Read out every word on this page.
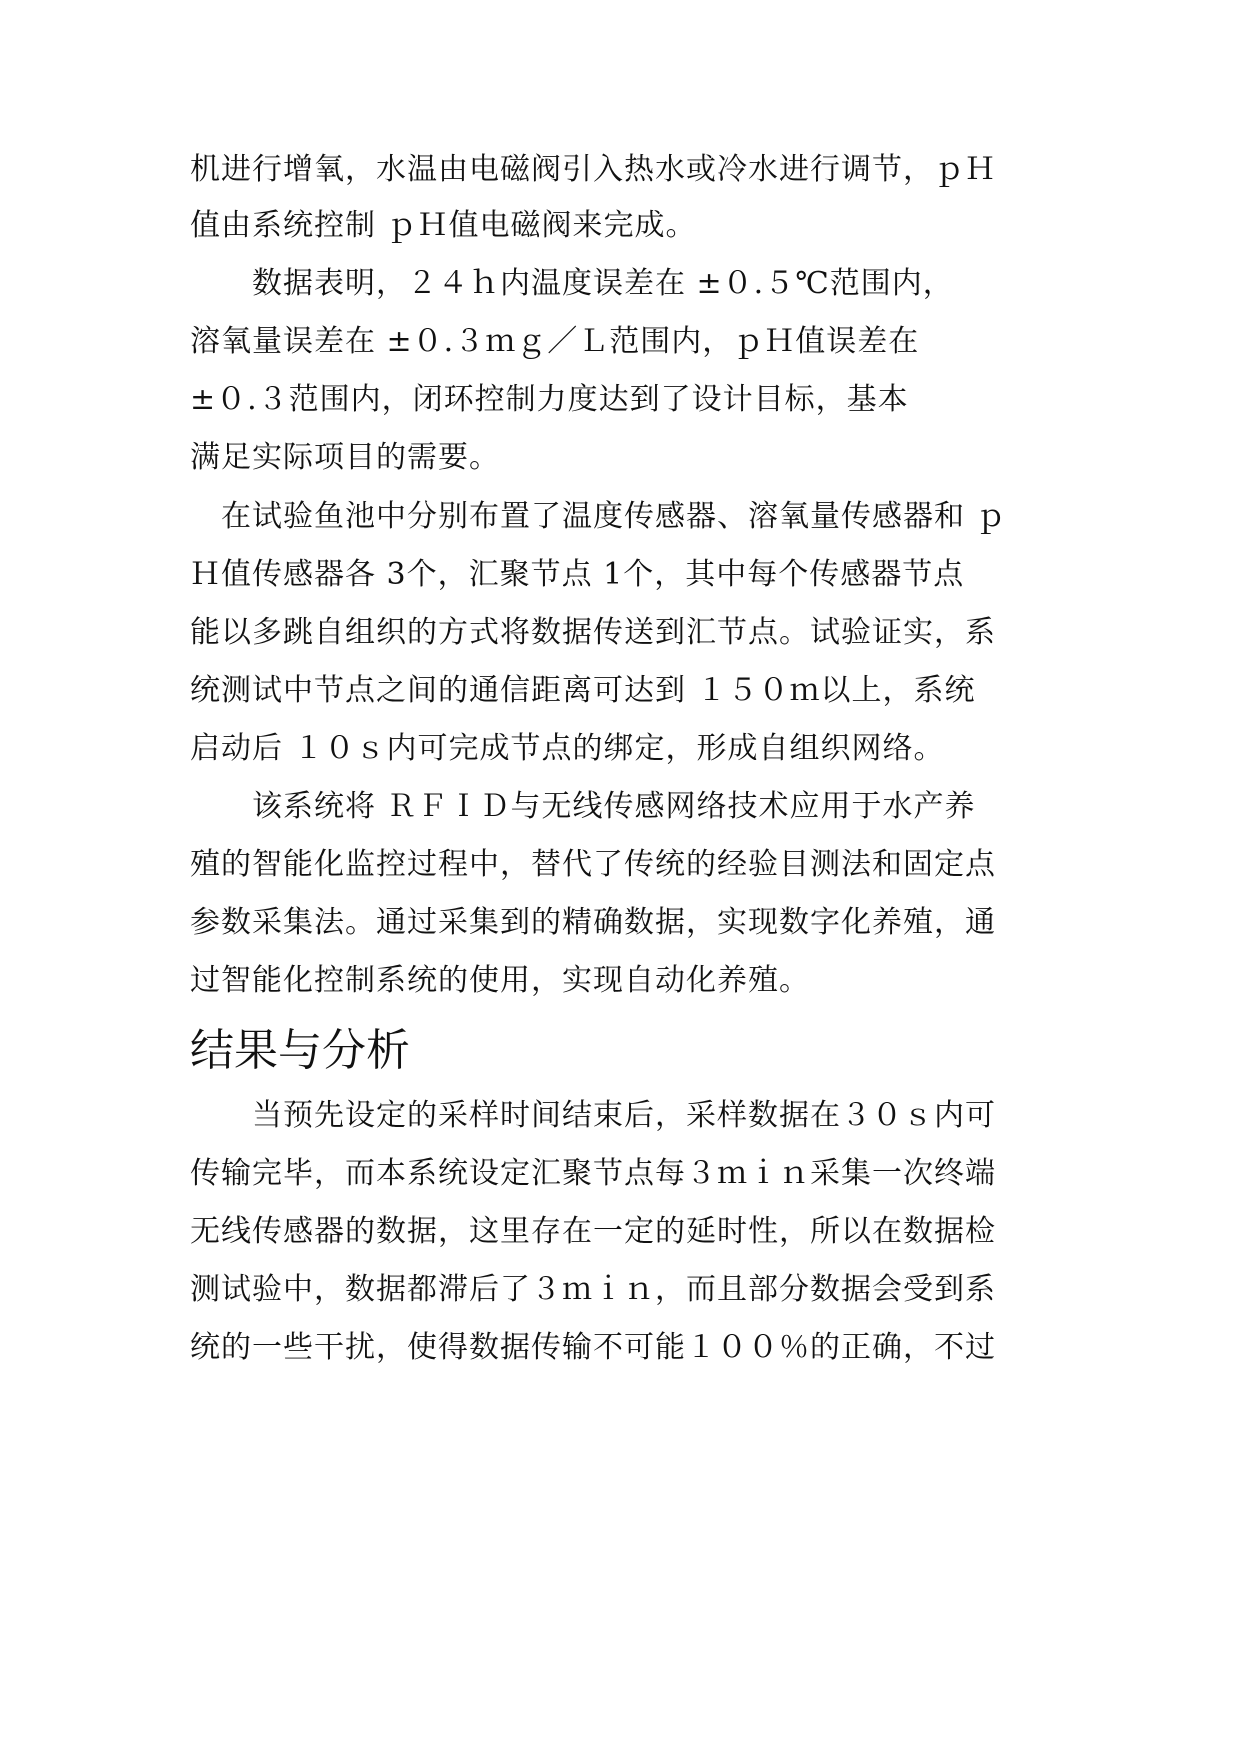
机进行增氧，水温由电磁阀引入热水或冷水进行调节，ｐＨ
值由系统控制 ｐＨ值电磁阀来完成。
　　数据表明，２４ｈ内温度误差在 ±０.５℃范围内，
溶氧量误差在 ±０.３ｍｇ／Ｌ范围内，ｐＨ值误差在
±０.３范围内，闭环控制力度达到了设计目标，基本
满足实际项目的需要。
　在试验鱼池中分别布置了温度传感器、溶氧量传感器和 ｐ
Ｈ值传感器各 3个，汇聚节点 1个，其中每个传感器节点
能以多跳自组织的方式将数据传送到汇节点。试验证实，系
统测试中节点之间的通信距离可达到 １５０ｍ以上，系统
启动后 １０ｓ内可完成节点的绑定，形成自组织网络。
　　该系统将 ＲＦＩＤ与无线传感网络技术应用于水产养
殖的智能化监控过程中，替代了传统的经验目测法和固定点
参数采集法。通过采集到的精确数据，实现数字化养殖，通
过智能化控制系统的使用，实现自动化养殖。
结果与分析
　　当预先设定的采样时间结束后，采样数据在３０ｓ内可
传输完毕，而本系统设定汇聚节点每３ｍｉｎ采集一次终端
无线传感器的数据，这里存在一定的延时性，所以在数据检
测试验中，数据都滞后了３ｍｉｎ，而且部分数据会受到系
统的一些干扰，使得数据传输不可能１００％的正确，不过
